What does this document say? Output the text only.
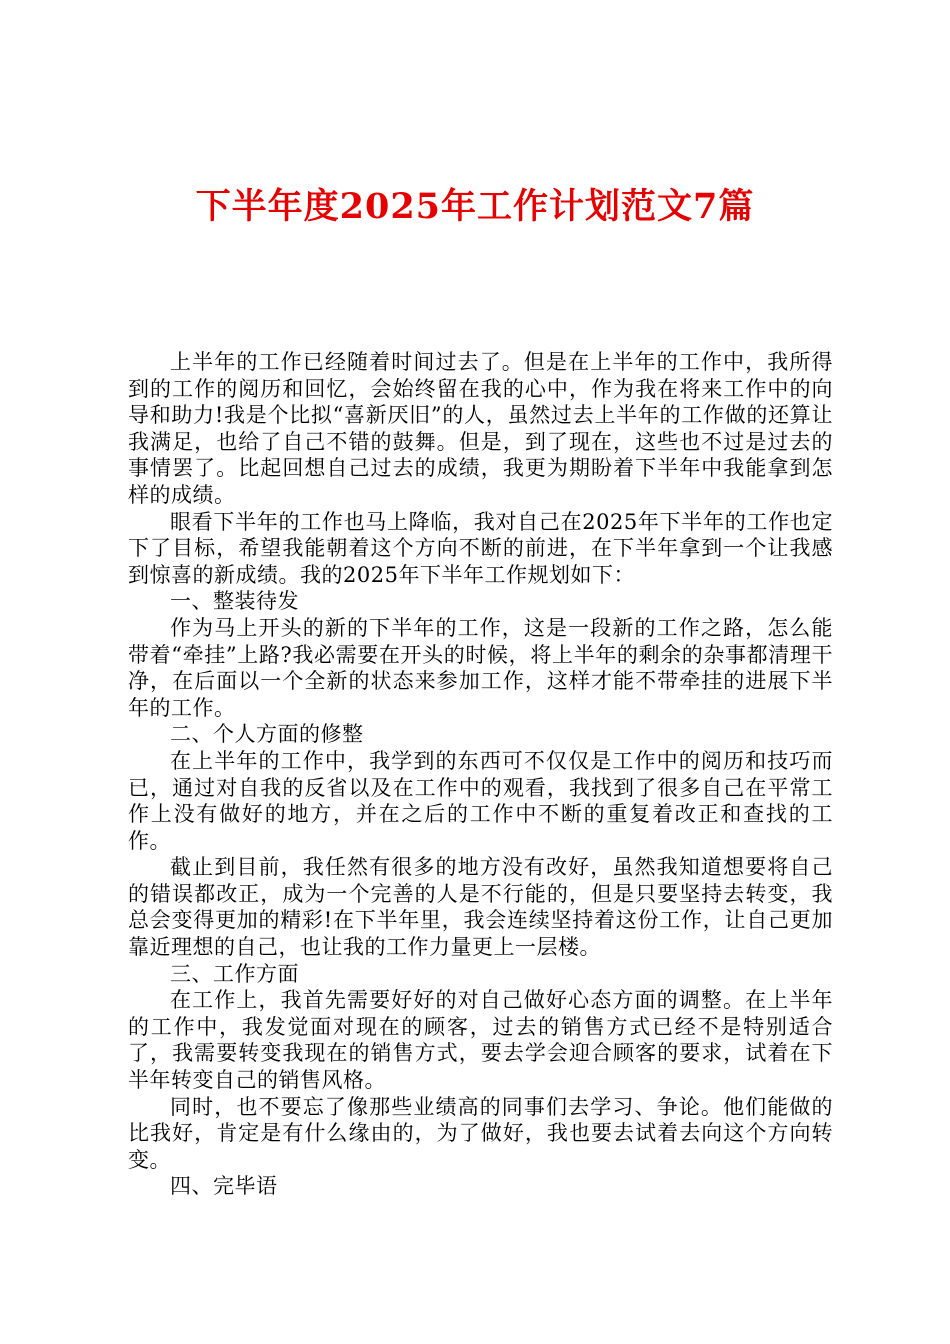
下半年度2025年工作计划范文7篇

上半年的工作已经随着时间过去了。但是在上半年的工作中，我所得到的工作的阅历和回忆，会始终留在我的心中，作为我在将来工作中的向导和助力!我是个比拟“喜新厌旧”的人，虽然过去上半年的工作做的还算让我满足，也给了自己不错的鼓舞。但是，到了现在，这些也不过是过去的事情罢了。比起回想自己过去的成绩，我更为期盼着下半年中我能拿到怎样的成绩。

眼看下半年的工作也马上降临，我对自己在2025年下半年的工作也定下了目标，希望我能朝着这个方向不断的前进，在下半年拿到一个让我感到惊喜的新成绩。我的2025年下半年工作规划如下：

一、整装待发

作为马上开头的新的下半年的工作，这是一段新的工作之路，怎么能带着“牵挂”上路?我必需要在开头的时候，将上半年的剩余的杂事都清理干净，在后面以一个全新的状态来参加工作，这样才能不带牵挂的进展下半年的工作。

二、个人方面的修整

在上半年的工作中，我学到的东西可不仅仅是工作中的阅历和技巧而已，通过对自我的反省以及在工作中的观看，我找到了很多自己在平常工作上没有做好的地方，并在之后的工作中不断的重复着改正和查找的工作。

截止到目前，我任然有很多的地方没有改好，虽然我知道想要将自己的错误都改正，成为一个完善的人是不行能的，但是只要坚持去转变，我总会变得更加的精彩!在下半年里，我会连续坚持着这份工作，让自己更加靠近理想的自己，也让我的工作力量更上一层楼。

三、工作方面

在工作上，我首先需要好好的对自己做好心态方面的调整。在上半年的工作中，我发觉面对现在的顾客，过去的销售方式已经不是特别适合了，我需要转变我现在的销售方式，要去学会迎合顾客的要求，试着在下半年转变自己的销售风格。

同时，也不要忘了像那些业绩高的同事们去学习、争论。他们能做的比我好，肯定是有什么缘由的，为了做好，我也要去试着去向这个方向转变。

四、完毕语
